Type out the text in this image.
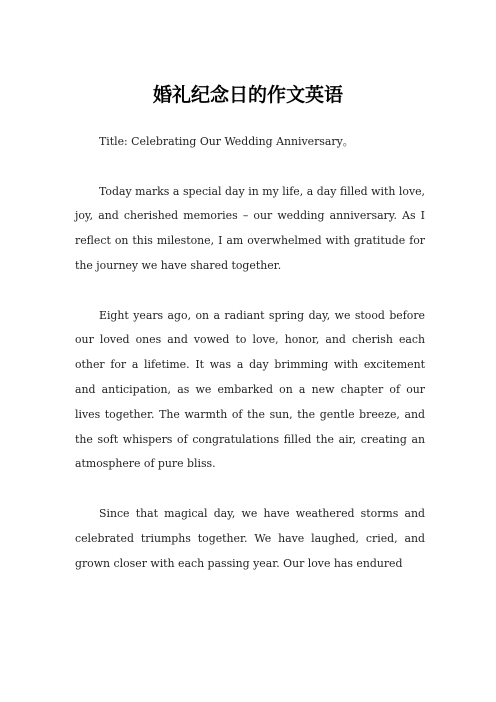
婚礼纪念日的作文英语

Title: Celebrating Our Wedding Anniversary。

Today marks a special day in my life, a day filled with love, joy, and cherished memories – our wedding anniversary. As I reflect on this milestone, I am overwhelmed with gratitude for the journey we have shared together.

Eight years ago, on a radiant spring day, we stood before our loved ones and vowed to love, honor, and cherish each other for a lifetime. It was a day brimming with excitement and anticipation, as we embarked on a new chapter of our lives together. The warmth of the sun, the gentle breeze, and the soft whispers of congratulations filled the air, creating an atmosphere of pure bliss.

Since that magical day, we have weathered storms and celebrated triumphs together. We have laughed, cried, and grown closer with each passing year. Our love has endured
